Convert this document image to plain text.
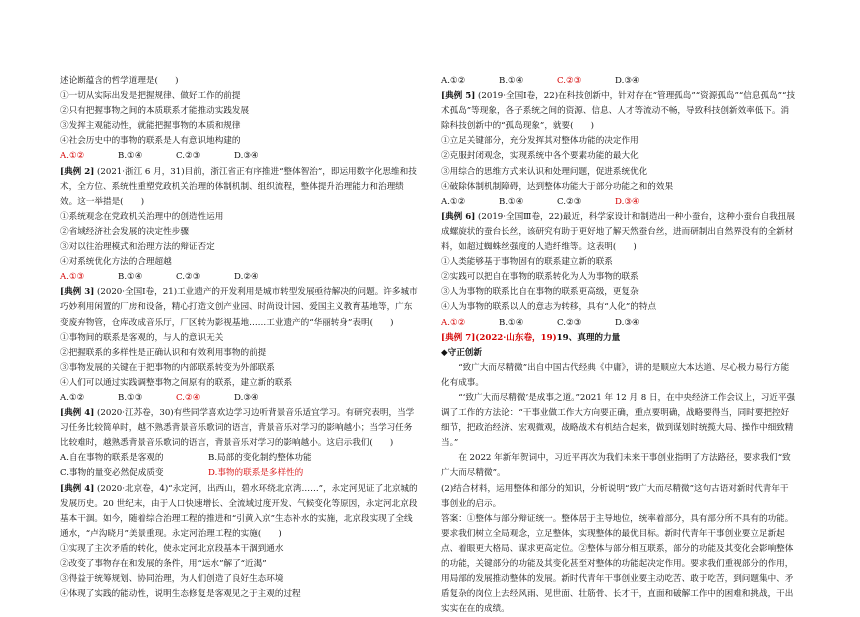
述论断蕴含的哲学道理是(　　)
①一切从实际出发是把握规律、做好工作的前提
②只有把握事物之间的本质联系才能推动实践发展
③发挥主观能动性，就能把握事物的本质和规律
④社会历史中的事物的联系是人有意识地构建的
A.①②	B.①④	C.②③	D.③④
[典例 2] (2021·浙江 6 月，31)目前，浙江省正有序推进“整体智治”，即运用数字化思维和技术，全方位、系统性重塑党政机关治理的体制机制、组织流程，整体提升治理能力和治理绩效。这一举措是(　　)
①系统观念在党政机关治理中的创造性运用
②省域经济社会发展的决定性步骤
③对以往治理模式和治理方法的辩证否定
④对系统优化方法的合理超越
A.①③	B.①④	C.②③	D.②④
[典例 3] (2020·全国Ⅰ卷，21)工业遗产的开发利用是城市转型发展亟待解决的问题。许多城市巧妙利用闲置的厂房和设备，精心打造文创产业园、时尚设计园、爱国主义教育基地等，广东变废弃物管，仓库改成音乐厅，厂区转为影视基地……工业遗产的“华丽转身”表明(　　)
①事物间的联系是客观的，与人的意识无关
②把握联系的多样性是正确认识和有效利用事物的前提
③事物发展的关键在于把事物的内部联系转变为外部联系
④人们可以通过实践调整事物之间原有的联系，建立新的联系
A.①②	B.①③	C.②④	D.③④
[典例 4] (2020·江苏卷，30)有些同学喜欢边学习边听背景音乐适宜学习。有研究表明，当学习任务比较简单时，越不熟悉背景音乐歌词的语言，背景音乐对学习的影响越小；当学习任务比较难时，越熟悉背景音乐歌词的语言，背景音乐对学习的影响越小。这启示我们(　　)
A.自在事物的联系是客观的	B.局部的变化制约整体功能
C.事物的量变必然促成质变	D.事物的联系是多样性的
[典例 4] (2020·北京卷，4)“永定河，出西山，碧水环绕北京湾……”，永定河见证了北京城的发展历史。20 世纪末，由于人口快速增长、全流域过度开发、气候变化等原因，永定河北京段基本干涸。如今，随着综合治理工程的推进和“引黄入京”生态补水的实施，北京段实现了全线通水，“卢沟晓月”美景重现。永定河治理工程的实施(　　)
①实现了主次矛盾的转化，使永定河北京段基本干涸到通水
②改变了事物存在和发展的条件，用“远水”解了“近渴”
③得益于统筹规划、协同治理，为人们创造了良好生态环境
④体现了实践的能动性，说明生态修复是客观见之于主观的过程
A.①②	B.①④	C.②③	D.③④
[典例 5] (2019·全国Ⅰ卷，22)在科技创新中，针对存在“管理孤岛”“资源孤岛”“信息孤岛”“技术孤岛”等现象，各子系统之间的资源、信息、人才等流动不畅，导致科技创新效率低下。消除科技创新中的“孤岛现象”，就要(　　)
①立足关键部分，充分发挥其对整体功能的决定作用
②克服封闭观念，实现系统中各个要素功能的最大化
③用综合的思维方式来认识和处理问题，促进系统优化
④破除体制机制障碍，达到整体功能大于部分功能之和的效果
A.①②	B.①④	C.②③	D.③④
[典例 6] (2019·全国Ⅲ卷，22)最近，科学家设计和制造出一种小蚕台，这种小蚕台自我扭展成螺旋状的蚕台长丝，该研究有助于更好地了解天然蚕台丝，进而研制出自然界没有的全新材料，如超过蜘蛛丝强度的人造纤维等。这表明(　　)
①人类能够基于事物固有的联系建立新的联系
②实践可以把自在事物的联系转化为人为事物的联系
③人为事物的联系比自在事物的联系更高级，更复杂
④人为事物的联系以人的意志为转移，具有“人化”的特点
A.①②	B.①④	C.②③	D.③④
[典例 7](2022·山东卷，19)19、真理的力量
◆守正创新
“致广大而尽精微”出自中国古代经典《中庸》，讲的是顺应大本达道、尽心极力易行方能化有成事。
“‘致广大而尽精微’是成事之道。”2021 年 12 月 8 日，在中央经济工作会议上，习近平强调了工作的方法论：“干事业做工作大方向要正确，重点要明确，战略要得当，同时要把控好细节，把政治经济、宏观微观，战略战术有机结合起来，做到谋划时统揽大局、操作中细致精当。”
在 2022 年新年贺词中，习近平再次为我们未来干事创业指明了方法路径，要求我们“致广大而尽精微”。
(2)结合材料，运用整体和部分的知识，分析说明“致广大而尽精微”这句古语对新时代青年干事创业的启示。
答案：①整体与部分辩证统一。整体居于主导地位，统率着部分，具有部分所不具有的功能。要求我们树立全局观念，立足整体，实现整体的最优目标。新时代青年干事创业要立足新起点、着眼更大格局、谋求更高定位。②整体与部分相互联系，部分的功能及其变化会影响整体的功能，关键部分的功能及其变化甚至对整体的功能起决定作用。要求我们重视部分的作用，用局部的发展推动整体的发展。新时代青年干事创业要主动吃苦、敢于吃苦，到问题集中、矛盾复杂的岗位上去经风雨、见世面、壮筋骨、长才干，直面和破解工作中的困难和挑战，干出实实在在的成绩。
